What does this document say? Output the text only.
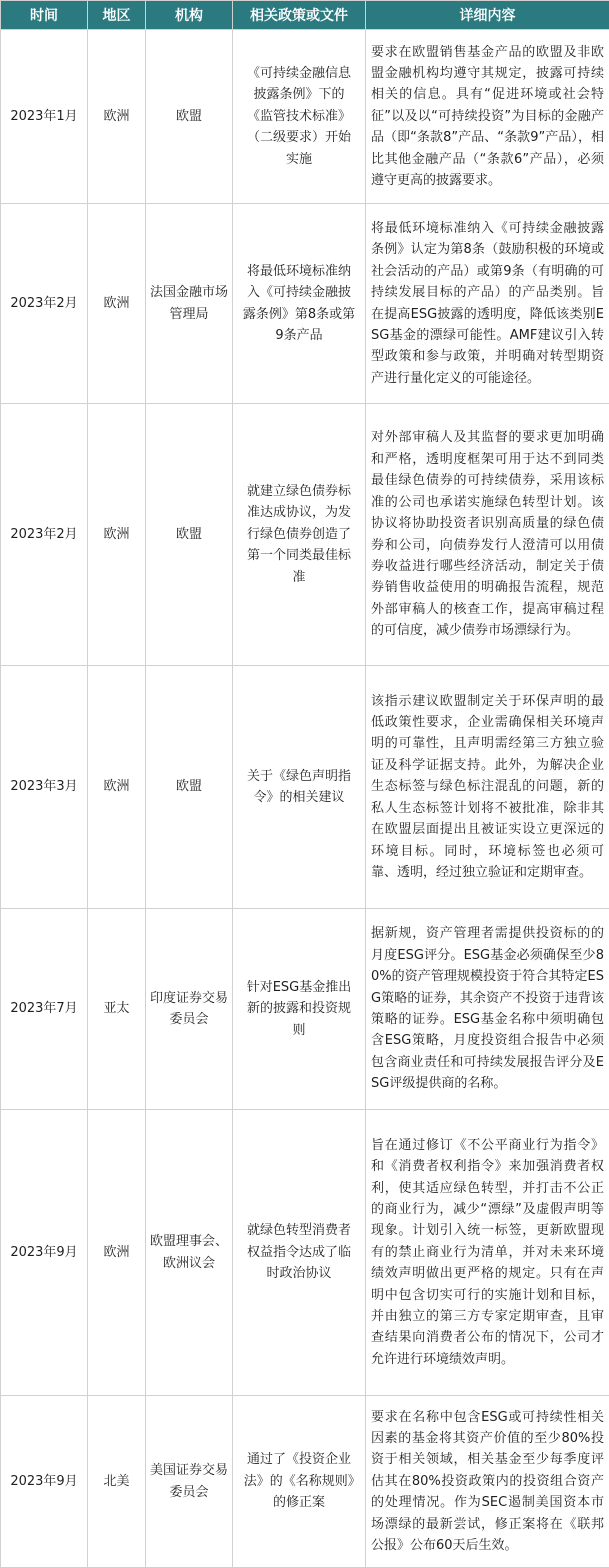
时间	地区	机构	相关政策或文件	详细内容
2023年1月	欧洲	欧盟	《可持续金融信息披露条例》下的《监管技术标准》（二级要求）开始实施	要求在欧盟销售基金产品的欧盟及非欧盟金融机构均遵守其规定，披露可持续相关的信息。具有“促进环境或社会特征”以及以“可持续投资”为目标的金融产品（即“条款8”产品、“条款9”产品），相比其他金融产品（“条款6”产品），必须遵守更高的披露要求。
2023年2月	欧洲	法国金融市场管理局	将最低环境标准纳入《可持续金融披露条例》第8条或第9条产品	将最低环境标准纳入《可持续金融披露条例》认定为第8条（鼓励积极的环境或社会活动的产品）或第9条（有明确的可持续发展目标的产品）的产品类别。旨在提高ESG披露的透明度，降低该类别ESG基金的漂绿可能性。AMF建议引入转型政策和参与政策，并明确对转型期资产进行量化定义的可能途径。
2023年2月	欧洲	欧盟	就建立绿色债券标准达成协议，为发行绿色债券创造了第一个同类最佳标准	对外部审稿人及其监督的要求更加明确和严格，透明度框架可用于达不到同类最佳绿色债券的可持续债券，采用该标准的公司也承诺实施绿色转型计划。该协议将协助投资者识别高质量的绿色债券和公司，向债券发行人澄清可以用债券收益进行哪些经济活动，制定关于债券销售收益使用的明确报告流程，规范外部审稿人的核查工作，提高审稿过程的可信度，减少债券市场漂绿行为。
2023年3月	欧洲	欧盟	关于《绿色声明指令》的相关建议	该指示建议欧盟制定关于环保声明的最低政策性要求，企业需确保相关环境声明的可靠性，且声明需经第三方独立验证及科学证据支持。此外，为解决企业生态标签与绿色标注混乱的问题，新的私人生态标签计划将不被批准，除非其在欧盟层面提出且被证实设立更深远的环境目标。同时，环境标签也必须可靠、透明，经过独立验证和定期审查。
2023年7月	亚太	印度证券交易委员会	针对ESG基金推出新的披露和投资规则	据新规，资产管理者需提供投资标的的月度ESG评分。ESG基金必须确保至少80%的资产管理规模投资于符合其特定ESG策略的证券，其余资产不投资于违背该策略的证券。ESG基金名称中须明确包含ESG策略，月度投资组合报告中必须包含商业责任和可持续发展报告评分及ESG评级提供商的名称。
2023年9月	欧洲	欧盟理事会、欧洲议会	就绿色转型消费者权益指令达成了临时政治协议	旨在通过修订《不公平商业行为指令》和《消费者权利指令》来加强消费者权利，使其适应绿色转型，并打击不公正的商业行为，减少“漂绿”及虚假声明等现象。计划引入统一标签，更新欧盟现有的禁止商业行为清单，并对未来环境绩效声明做出更严格的规定。只有在声明中包含切实可行的实施计划和目标，并由独立的第三方专家定期审查，且审查结果向消费者公布的情况下，公司才允许进行环境绩效声明。
2023年9月	北美	美国证券交易委员会	通过了《投资企业法》的《名称规则》的修正案	要求在名称中包含ESG或可持续性相关因素的基金将其资产价值的至少80%投资于相关领域，相关基金至少每季度评估其在80%投资政策内的投资组合资产的处理情况。作为SEC遏制美国资本市场漂绿的最新尝试，修正案将在《联邦公报》公布60天后生效。
